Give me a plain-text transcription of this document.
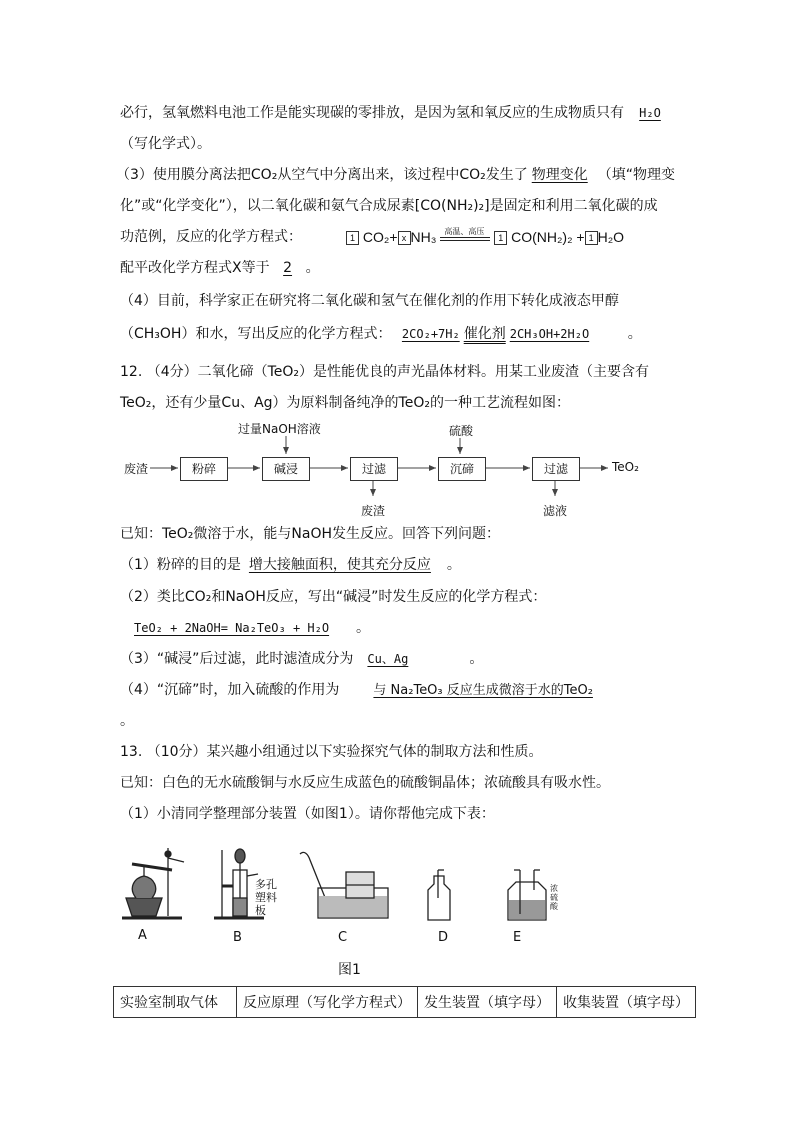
必行，氢氧燃料电池工作是能实现碳的零排放，是因为氢和氧反应的生成物质只有 H₂O
（写化学式）。
（3）使用膜分离法把CO₂从空气中分离出来，该过程中CO₂发生了 物理变化 （填“物理变
化”或“化学变化”），以二氧化碳和氨气合成尿素[CO(NH₂)₂]是固定和利用二氧化碳的成
功范例，反应的化学方程式：	1 CO₂+ x NH₃ 高温、高压
1 CO(NH₂)₂ + 1 H₂O
配平改化学方程式X等于 2 。
（4）目前，科学家正在研究将二氧化碳和氢气在催化剂的作用下转化成液态甲醇
（CH₃OH）和水，写出反应的化学方程式： 2CO₂+7H₂ 催化剂 2CH₃OH+2H₂O	。
12. （4分）二氧化碲（TeO₂）是性能优良的声光晶体材料。用某工业废渣（主要含有
TeO₂，还有少量Cu、Ag）为原料制备纯净的TeO₂的一种工艺流程如图：
废渣	粉碎
过量NaOH溶液
碱浸	过滤
硫酸
沉碲	过滤	TeO₂
废渣	滤液
已知：TeO₂微溶于水，能与NaOH发生反应。回答下列问题：
（1）粉碎的目的是 增大接触面积，使其充分反应 。
（2）类比CO₂和NaOH反应，写出“碱浸”时发生反应的化学方程式：
TeO₂ + 2NaOH= Na₂TeO₃ + H₂O 。
（3）“碱浸”后过滤，此时滤渣成分为 Cu、Ag	。
（4）“沉碲”时，加入硫酸的作用为	与 Na₂TeO₃ 反应生成微溶于水的TeO₂
。
13. （10分）某兴趣小组通过以下实验探究气体的制取方法和性质。
已知：白色的无水硫酸铜与水反应生成蓝色的硫酸铜晶体；浓硫酸具有吸水性。
（1）小清同学整理部分装置（如图1）。请你帮他完成下表：
多孔塑料板
浓硫酸
A	B	C	D	E
图1
实验室制取气体	反应原理（写化学方程式）	发生装置（填字母）	收集装置（填字母）
